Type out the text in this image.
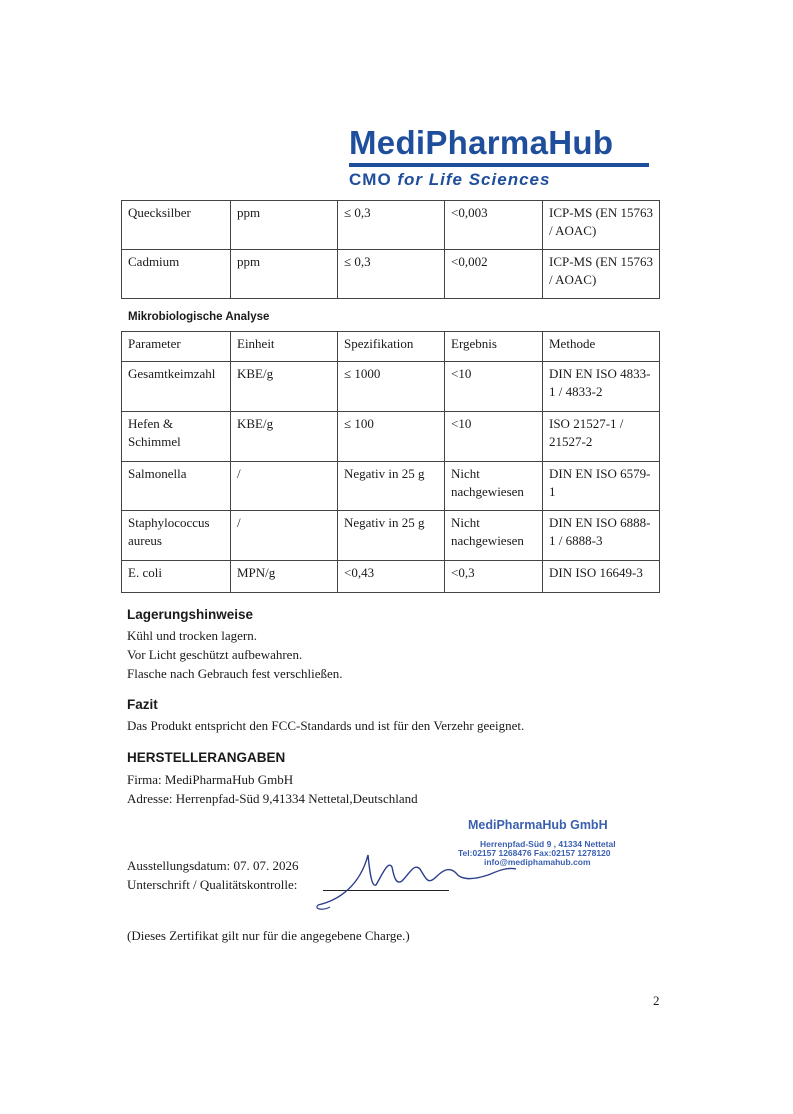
MediPharmaHub
CMO for Life Sciences
Quecksilber	ppm	≤ 0,3	<0,003	ICP-MS (EN 15763 / AOAC)
Cadmium	ppm	≤ 0,3	<0,002	ICP-MS (EN 15763 / AOAC)
Mikrobiologische Analyse
Parameter	Einheit	Spezifikation	Ergebnis	Methode
Gesamtkeimzahl	KBE/g	≤ 1000	<10	DIN EN ISO 4833-1 / 4833-2
Hefen & Schimmel	KBE/g	≤ 100	<10	ISO 21527-1 / 21527-2
Salmonella	/	Negativ in 25 g	Nicht nachgewiesen	DIN EN ISO 6579-1
Staphylococcus aureus	/	Negativ in 25 g	Nicht nachgewiesen	DIN EN ISO 6888-1 / 6888-3
E. coli	MPN/g	<0,43	<0,3	DIN ISO 16649-3
Lagerungshinweise
Kühl und trocken lagern.
Vor Licht geschützt aufbewahren.
Flasche nach Gebrauch fest verschließen.
Fazit
Das Produkt entspricht den FCC-Standards und ist für den Verzehr geeignet.
HERSTELLERANGABEN
Firma: MediPharmaHub GmbH
Adresse: Herrenpfad-Süd 9,41334 Nettetal,Deutschland
MediPharmaHub GmbH
Herrenpfad-Süd 9 , 41334 Nettetal
Tel:02157 1268476 Fax:02157 1278120
info@mediphamahub.com
Ausstellungsdatum: 07. 07. 2026
Unterschrift / Qualitätskontrolle:
(Dieses Zertifikat gilt nur für die angegebene Charge.)
2
